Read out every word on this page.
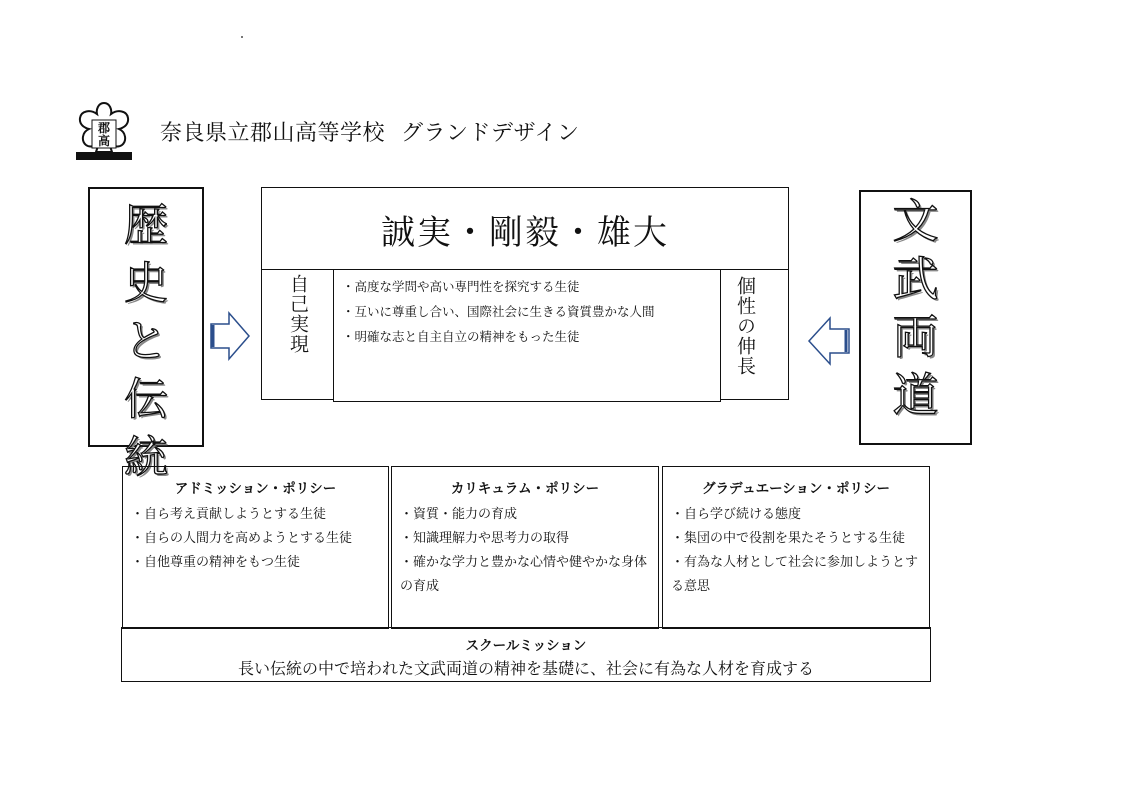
郡
高 奈良県立郡山高等学校 グランドデザイン
歴
史
と
伝
統
文
武
両
道
誠実・剛毅・雄大
自己実現	・高度な学問や高い専門性を探究する生徒
・互いに尊重し合い、国際社会に生きる資質豊かな人間
・明確な志と自主自立の精神をもった生徒	個性の伸長
アドミッション・ポリシー
・自ら考え貢献しようとする生徒
・自らの人間力を高めようとする生徒
・自他尊重の精神をもつ生徒
カリキュラム・ポリシー
・資質・能力の育成
・知識理解力や思考力の取得
・確かな学力と豊かな心情や健やかな身体の育成
グラデュエーション・ポリシー
・自ら学び続ける態度
・集団の中で役割を果たそうとする生徒
・有為な人材として社会に参加しようとする意思
スクールミッション

長い伝統の中で培われた文武両道の精神を基礎に、社会に有為な人材を育成する
